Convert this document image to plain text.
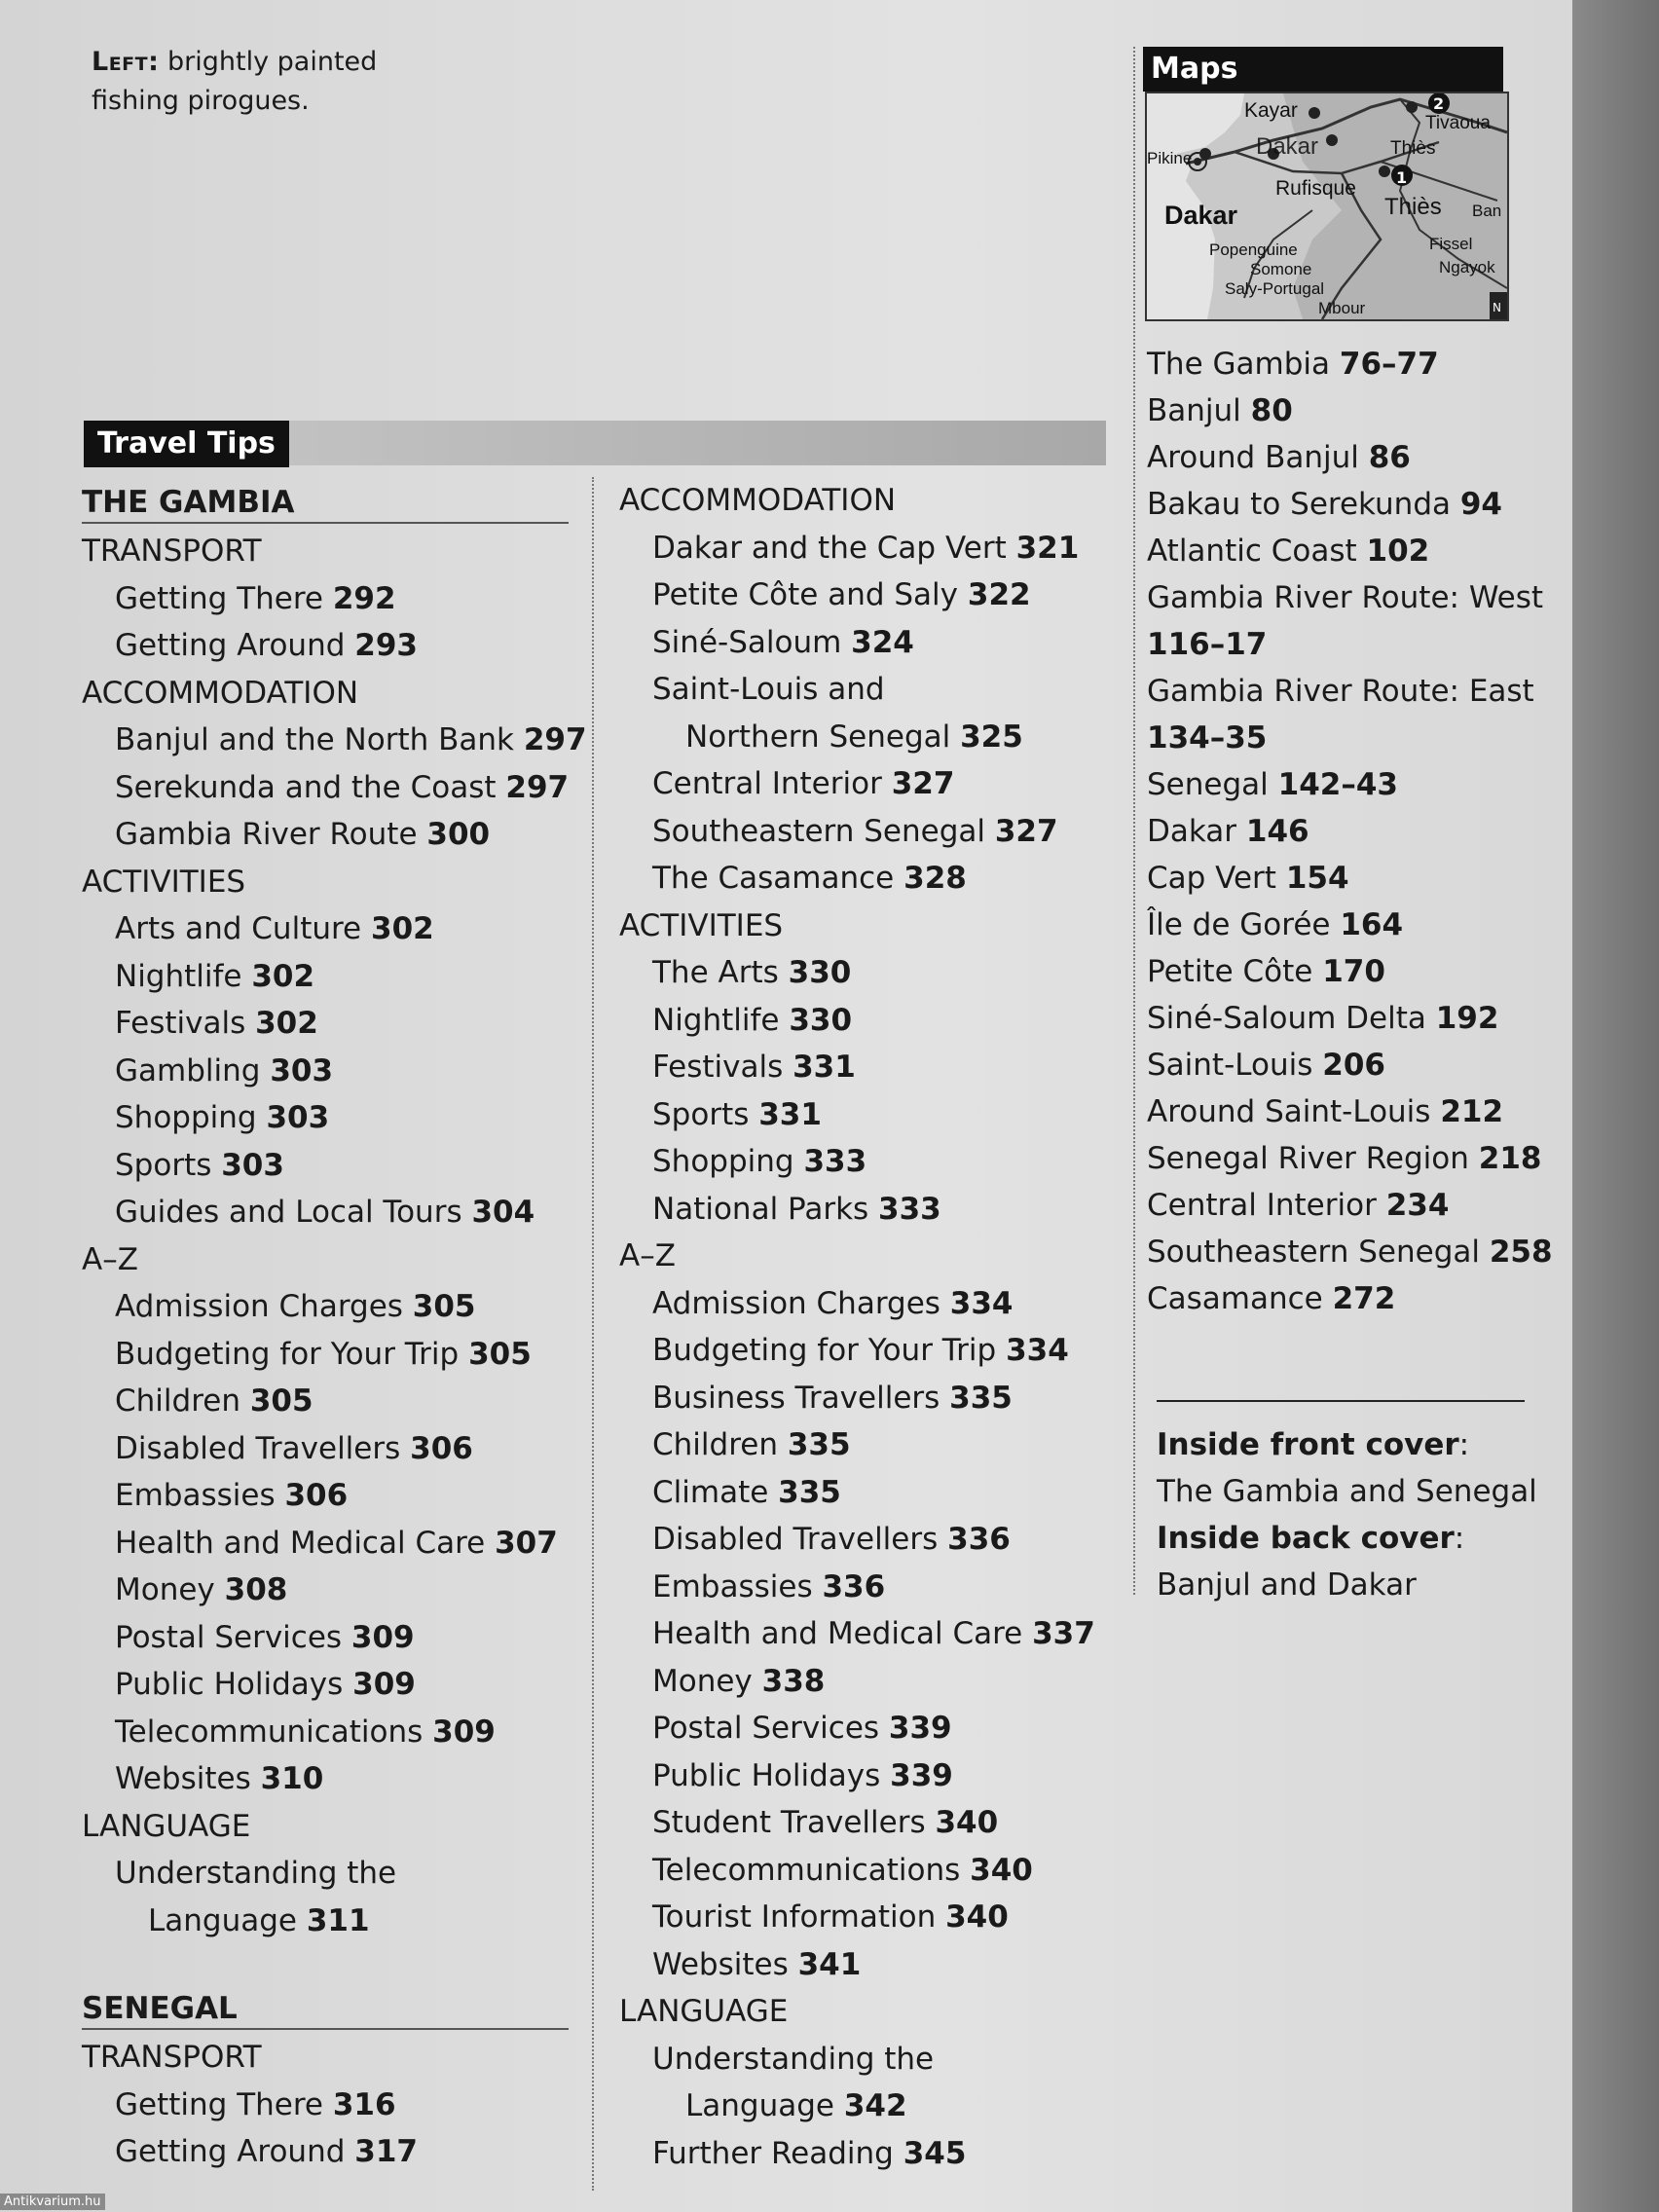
Left: brightly painted fishing pirogues.
Travel Tips
THE GAMBIA
TRANSPORT
Getting There 292
Getting Around 293
ACCOMMODATION
Banjul and the North Bank 297
Serekunda and the Coast 297
Gambia River Route 300
ACTIVITIES
Arts and Culture 302
Nightlife 302
Festivals 302
Gambling 303
Shopping 303
Sports 303
Guides and Local Tours 304
A–Z
Admission Charges 305
Budgeting for Your Trip 305
Children 305
Disabled Travellers 306
Embassies 306
Health and Medical Care 307
Money 308
Postal Services 309
Public Holidays 309
Telecommunications 309
Websites 310
LANGUAGE
Understanding the
Language 311
SENEGAL
TRANSPORT
Getting There 316
Getting Around 317
ACCOMMODATION
Dakar and the Cap Vert 321
Petite Côte and Saly 322
Siné-Saloum 324
Saint-Louis and
Northern Senegal 325
Central Interior 327
Southeastern Senegal 327
The Casamance 328
ACTIVITIES
The Arts 330
Nightlife 330
Festivals 331
Sports 331
Shopping 333
National Parks 333
A–Z
Admission Charges 334
Budgeting for Your Trip 334
Business Travellers 335
Children 335
Climate 335
Disabled Travellers 336
Embassies 336
Health and Medical Care 337
Money 338
Postal Services 339
Public Holidays 339
Student Travellers 340
Telecommunications 340
Tourist Information 340
Websites 341
LANGUAGE
Understanding the
Language 342
Further Reading 345
Maps
Kayar
Dakar
Pikine
Rufisque
Thiès
Tivaoua
Dakar
Popenguine
Somone
Saly-Portugal
Mbour
Fissel
Ngayok
Ban
Thiès
1
2
N
The Gambia 76–77
Banjul 80
Around Banjul 86
Bakau to Serekunda 94
Atlantic Coast 102
Gambia River Route: West
116–17
Gambia River Route: East
134–35
Senegal 142–43
Dakar 146
Cap Vert 154
Île de Gorée 164
Petite Côte 170
Siné-Saloum Delta 192
Saint-Louis 206
Around Saint-Louis 212
Senegal River Region 218
Central Interior 234
Southeastern Senegal 258
Casamance 272
Inside front cover:
The Gambia and Senegal
Inside back cover:
Banjul and Dakar
Antikvarium.hu
